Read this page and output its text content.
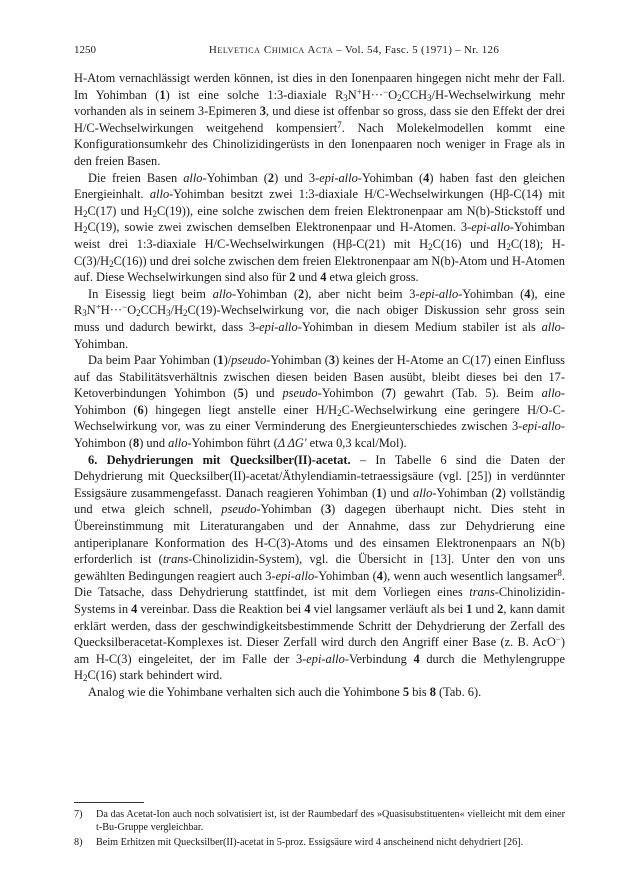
1250	Helvetica Chimica Acta – Vol. 54, Fasc. 5 (1971) – Nr. 126

H-Atom vernachlässigt werden können, ist dies in den Ionenpaaren hingegen nicht mehr der Fall. Im Yohimban (1) ist eine solche 1:3-diaxiale $R_3N^+H\cdot\cdot\cdot^-O_2CCH_3/H$-Wechselwirkung mehr vorhanden als in seinem 3-Epimeren 3, und diese ist offenbar so gross, dass sie den Effekt der drei H/C-Wechselwirkungen weitgehend kompensiert$^7$. Nach Molekelmodellen kommt eine Konfigurationsumkehr des Chinolizidingerüsts in den Ionenpaaren noch weniger in Frage als in den freien Basen.

Die freien Basen allo-Yohimban (2) und 3-epi-allo-Yohimban (4) haben fast den gleichen Energieinhalt. allo-Yohimban besitzt zwei 1:3-diaxiale H/C-Wechselwirkungen (Hβ-C(14) mit $H_2C(17)$ und $H_2C(19)$), eine solche zwischen dem freien Elektronenpaar am N(b)-Stickstoff und $H_2C(19)$, sowie zwei zwischen demselben Elektronenpaar und H-Atomen. 3-epi-allo-Yohimban weist drei 1:3-diaxiale H/C-Wechselwirkungen (Hβ-C(21) mit $H_2C(16)$ und $H_2C(18)$; $H-C(3)/H_2C(16)$) und drei solche zwischen dem freien Elektronenpaar am N(b)-Atom und H-Atomen auf. Diese Wechselwirkungen sind also für 2 und 4 etwa gleich gross.

In Eisessig liegt beim allo-Yohimban (2), aber nicht beim 3-epi-allo-Yohimban (4), eine $R_3N^+H\cdot\cdot\cdot^-O_2CCH_3/H_2C(19)$-Wechselwirkung vor, die nach obiger Diskussion sehr gross sein muss und dadurch bewirkt, dass 3-epi-allo-Yohimban in diesem Medium stabiler ist als allo-Yohimban.

Da beim Paar Yohimban (1)/pseudo-Yohimban (3) keines der H-Atome an C(17) einen Einfluss auf das Stabilitätsverhältnis zwischen diesen beiden Basen ausübt, bleibt dieses bei den 17-Ketoverbindungen Yohimbon (5) und pseudo-Yohimbon (7) gewahrt (Tab. 5). Beim allo-Yohimbon (6) hingegen liegt anstelle einer $H/H_2C$-Wechselwirkung eine geringere H/O-C-Wechselwirkung vor, was zu einer Verminderung des Energieunterschiedes zwischen 3-epi-allo-Yohimbon (8) und allo-Yohimbon führt (Δ ΔG' etwa 0,3 kcal/Mol).

6. Dehydrierungen mit Quecksilber(II)-acetat. – In Tabelle 6 sind die Daten der Dehydrierung mit Quecksilber(II)-acetat/Äthylendiamin-tetraessigsäure (vgl. [25]) in verdünnter Essigsäure zusammengefasst. Danach reagieren Yohimban (1) und allo-Yohimban (2) vollständig und etwa gleich schnell, pseudo-Yohimban (3) dagegen überhaupt nicht. Dies steht in Übereinstimmung mit Literaturangaben und der Annahme, dass zur Dehydrierung eine antiperiplanare Konformation des H-C(3)-Atoms und des einsamen Elektronenpaars an N(b) erforderlich ist (trans-Chinolizidin-System), vgl. die Übersicht in [13]. Unter den von uns gewählten Bedingungen reagiert auch 3-epi-allo-Yohimban (4), wenn auch wesentlich langsamer$^8$. Die Tatsache, dass Dehydrierung stattfindet, ist mit dem Vorliegen eines trans-Chinolizidin-Systems in 4 vereinbar. Dass die Reaktion bei 4 viel langsamer verläuft als bei 1 und 2, kann damit erklärt werden, dass der geschwindigkeitsbestimmende Schritt der Dehydrierung der Zerfall des Quecksilberacetat-Komplexes ist. Dieser Zerfall wird durch den Angriff einer Base (z. B. AcO−) am H-C(3) eingeleitet, der im Falle der 3-epi-allo-Verbindung 4 durch die Methylengruppe $H_2C(16)$ stark behindert wird.

Analog wie die Yohimbane verhalten sich auch die Yohimbone 5 bis 8 (Tab. 6).

7)	Da das Acetat-Ion auch noch solvatisiert ist, ist der Raumbedarf des »Quasisubstituenten« vielleicht mit dem einer t-Bu-Gruppe vergleichbar.
8)	Beim Erhitzen mit Quecksilber(II)-acetat in 5-proz. Essigsäure wird 4 anscheinend nicht dehydriert [26].
